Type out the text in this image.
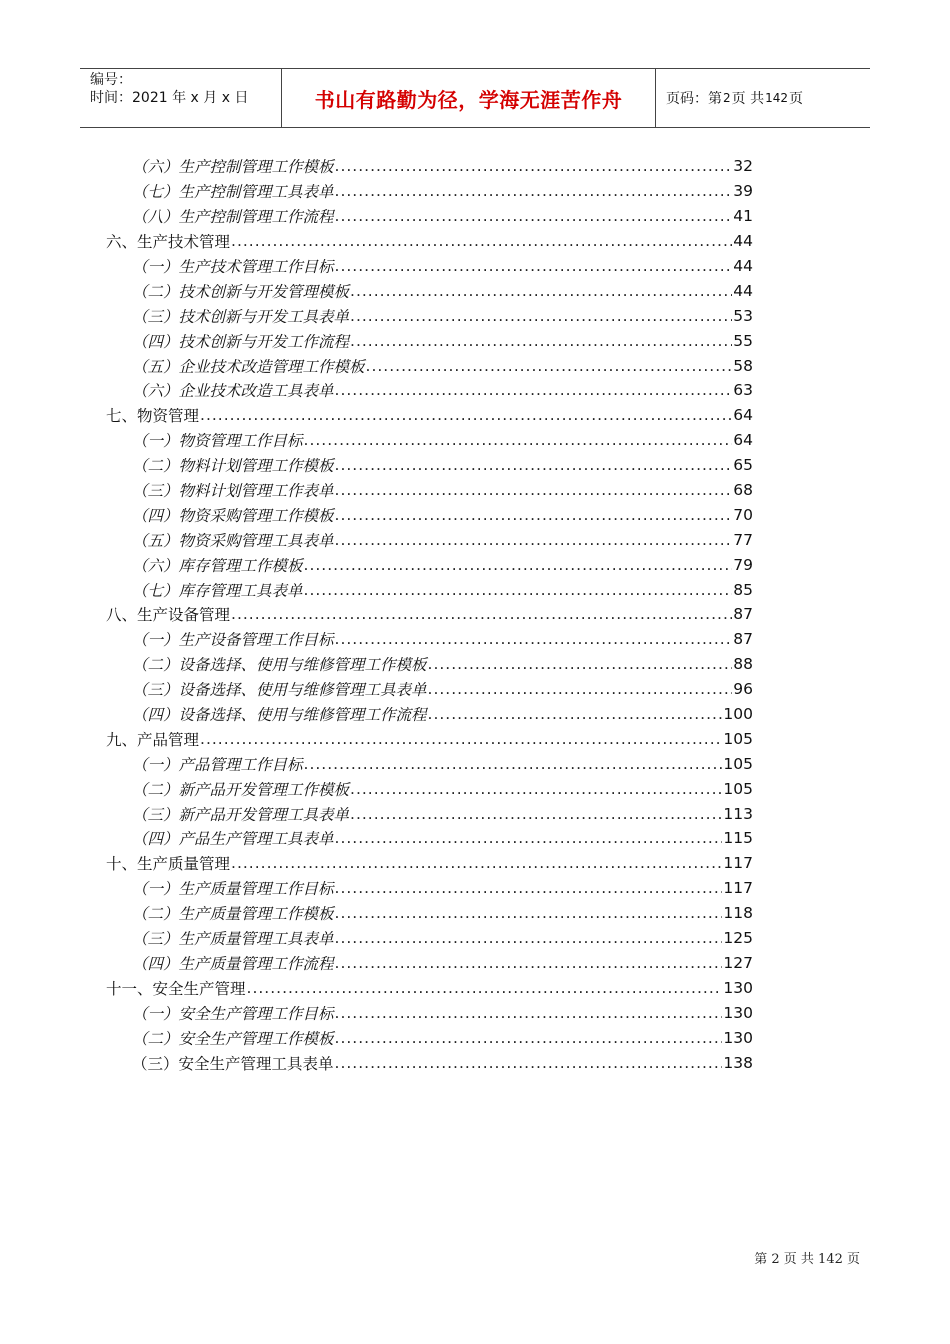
编号：
时间：2021 年 x 月 x 日	书山有路勤为径，学海无涯苦作舟	页码：第 2 页 共 142 页
（六）生产控制管理工作模板 .....	32
（七）生产控制管理工具表单 .....	39
（八）生产控制管理工作流程 .....	41
六、生产技术管理 .....	44
（一）生产技术管理工作目标 .....	44
（二）技术创新与开发管理模板 .....	44
（三）技术创新与开发工具表单 .....	53
（四）技术创新与开发工作流程 .....	55
（五）企业技术改造管理工作模板 .....	58
（六）企业技术改造工具表单 .....	63
七、物资管理 .....	64
（一）物资管理工作目标 .....	64
（二）物料计划管理工作模板 .....	65
（三）物料计划管理工作表单 .....	68
（四）物资采购管理工作模板 .....	70
（五）物资采购管理工具表单 .....	77
（六）库存管理工作模板 .....	79
（七）库存管理工具表单 .....	85
八、生产设备管理 .....	87
（一）生产设备管理工作目标 .....	87
（二）设备选择、使用与维修管理工作模板 .....	88
（三）设备选择、使用与维修管理工具表单 .....	96
（四）设备选择、使用与维修管理工作流程 .....	100
九、产品管理 .....	105
（一）产品管理工作目标 .....	105
（二）新产品开发管理工作模板 .....	105
（三）新产品开发管理工具表单 .....	113
（四）产品生产管理工具表单 .....	115
十、生产质量管理 .....	117
（一）生产质量管理工作目标 .....	117
（二）生产质量管理工作模板 .....	118
（三）生产质量管理工具表单 .....	125
（四）生产质量管理工作流程 .....	127
十一、安全生产管理 .....	130
（一）安全生产管理工作目标 .....	130
（二）安全生产管理工作模板 .....	130
（三）安全生产管理工具表单 .....	138
第 2 页 共 142 页
